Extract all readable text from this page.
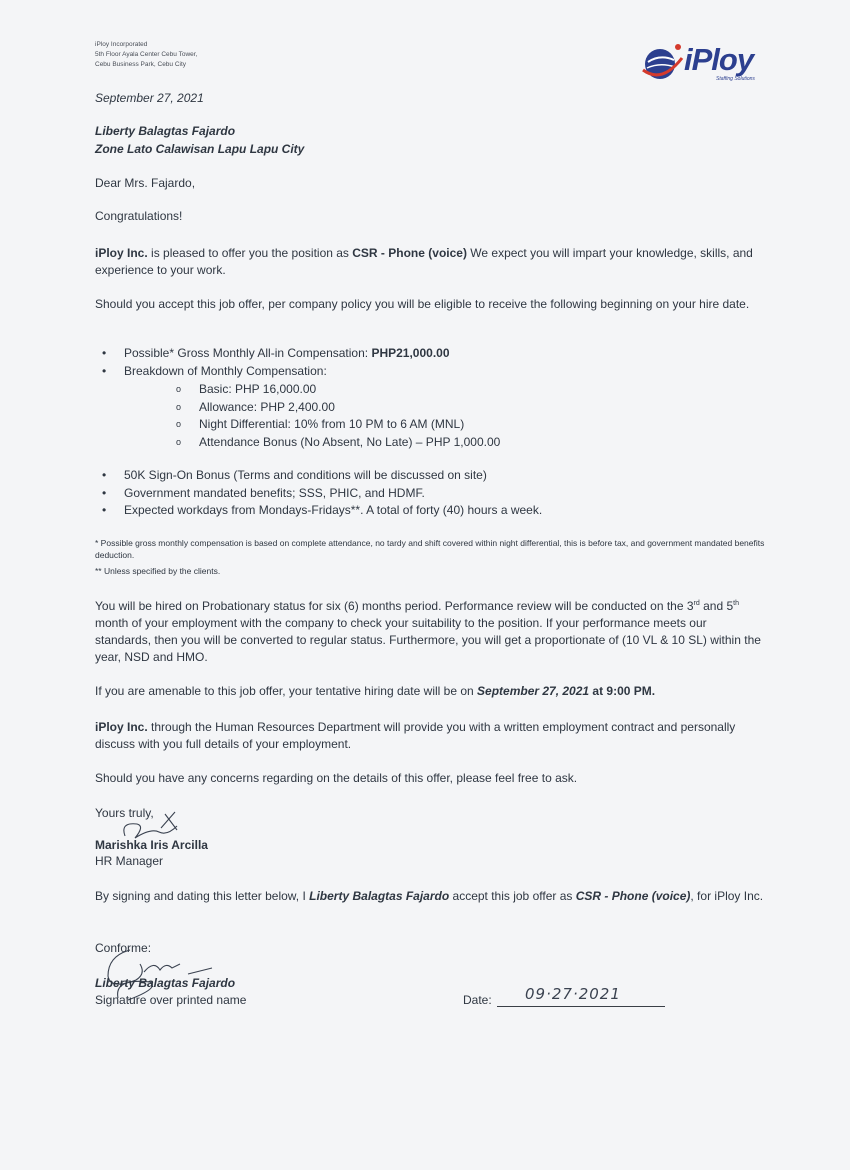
iPloy Incorporated
5th Floor Ayala Center Cebu Tower,
Cebu Business Park, Cebu City	iPloy
Staffing Solutions

September 27, 2021

Liberty Balagtas Fajardo

Zone Lato Calawisan Lapu Lapu City

Dear Mrs. Fajardo,

Congratulations!

iPloy Inc. is pleased to offer you the position as CSR - Phone (voice) We expect you will impart your knowledge, skills, and experience to your work.

Should you accept this job offer, per company policy you will be eligible to receive the following beginning on your hire date.

• Possible* Gross Monthly All-in Compensation: PHP21,000.00
• Breakdown of Monthly Compensation:
o Basic: PHP 16,000.00
o Allowance: PHP 2,400.00
o Night Differential: 10% from 10 PM to 6 AM (MNL)
o Attendance Bonus (No Absent, No Late) – PHP 1,000.00
• 50K Sign-On Bonus (Terms and conditions will be discussed on site)
• Government mandated benefits; SSS, PHIC, and HDMF.
• Expected workdays from Mondays-Fridays**. A total of forty (40) hours a week.

* Possible gross monthly compensation is based on complete attendance, no tardy and shift covered within night differential, this is before tax, and government mandated benefits deduction.

** Unless specified by the clients.

You will be hired on Probationary status for six (6) months period. Performance review will be conducted on the 3rd and 5th month of your employment with the company to check your suitability to the position. If your performance meets our standards, then you will be converted to regular status. Furthermore, you will get a proportionate of (10 VL & 10 SL) within the year, NSD and HMO.

If you are amenable to this job offer, your tentative hiring date will be on September 27, 2021 at 9:00 PM.

iPloy Inc. through the Human Resources Department will provide you with a written employment contract and personally discuss with you full details of your employment.

Should you have any concerns regarding on the details of this offer, please feel free to ask.

Yours truly,

Marishka Iris Arcilla

HR Manager

By signing and dating this letter below, I Liberty Balagtas Fajardo accept this job offer as CSR - Phone (voice), for iPloy Inc.

Conforme:

Liberty Balagtas Fajardo

Signature over printed name	Date:	09·27·2021
